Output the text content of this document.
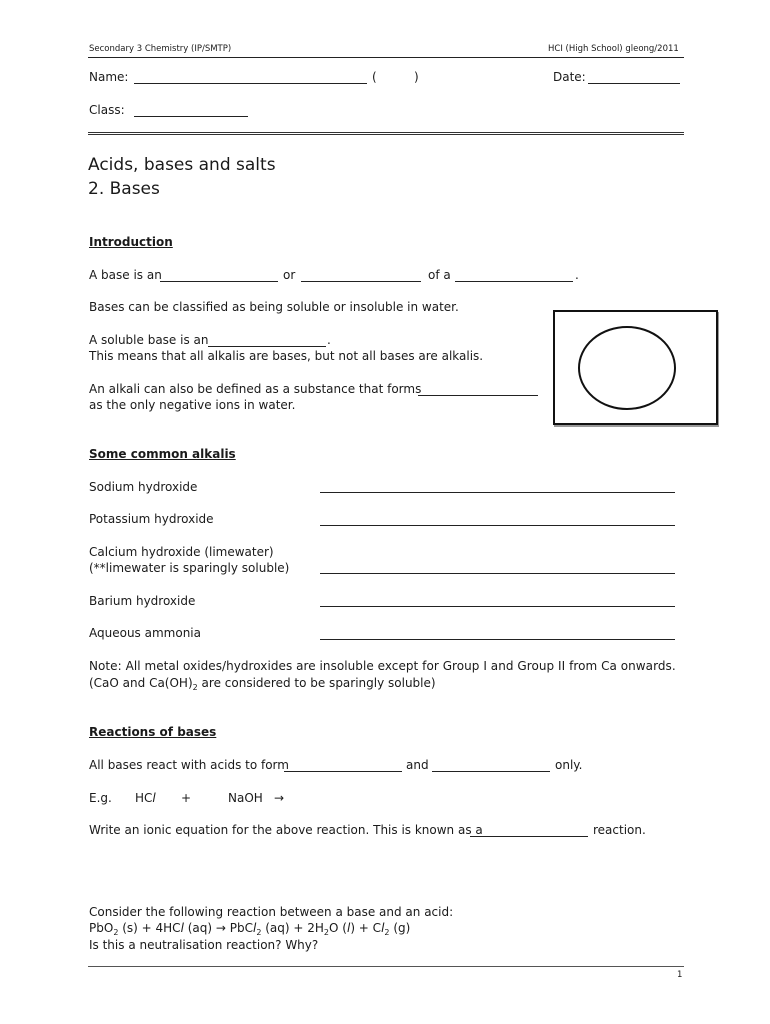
Secondary 3 Chemistry (IP/SMTP)	HCI (High School) gleong/2011
Name:	(	)	Date:
Class:
Acids, bases and salts
2. Bases
Introduction
A base is an	or	of a	.
Bases can be classified as being soluble or insoluble in water.
A soluble base is an	.
This means that all alkalis are bases, but not all bases are alkalis.
An alkali can also be defined as a substance that forms
as the only negative ions in water.
Some common alkalis
Sodium hydroxide
Potassium hydroxide
Calcium hydroxide (limewater)
(**limewater is sparingly soluble)
Barium hydroxide
Aqueous ammonia
Note: All metal oxides/hydroxides are insoluble except for Group I and Group II from Ca onwards.
(CaO and $Ca(OH)_2$ are considered to be sparingly soluble)
Reactions of bases
All bases react with acids to form	and	only.
E.g. HCl +	NaOH →
Write an ionic equation for the above reaction. This is known as a	reaction.
Consider the following reaction between a base and an acid:
PbO$_2$ (s) + 4HCl (aq) → PbCl$_2$ $(aq) + 2H_2O$ $(l) + Cl_2$ (g)
Is this a neutralisation reaction? Why?
1
